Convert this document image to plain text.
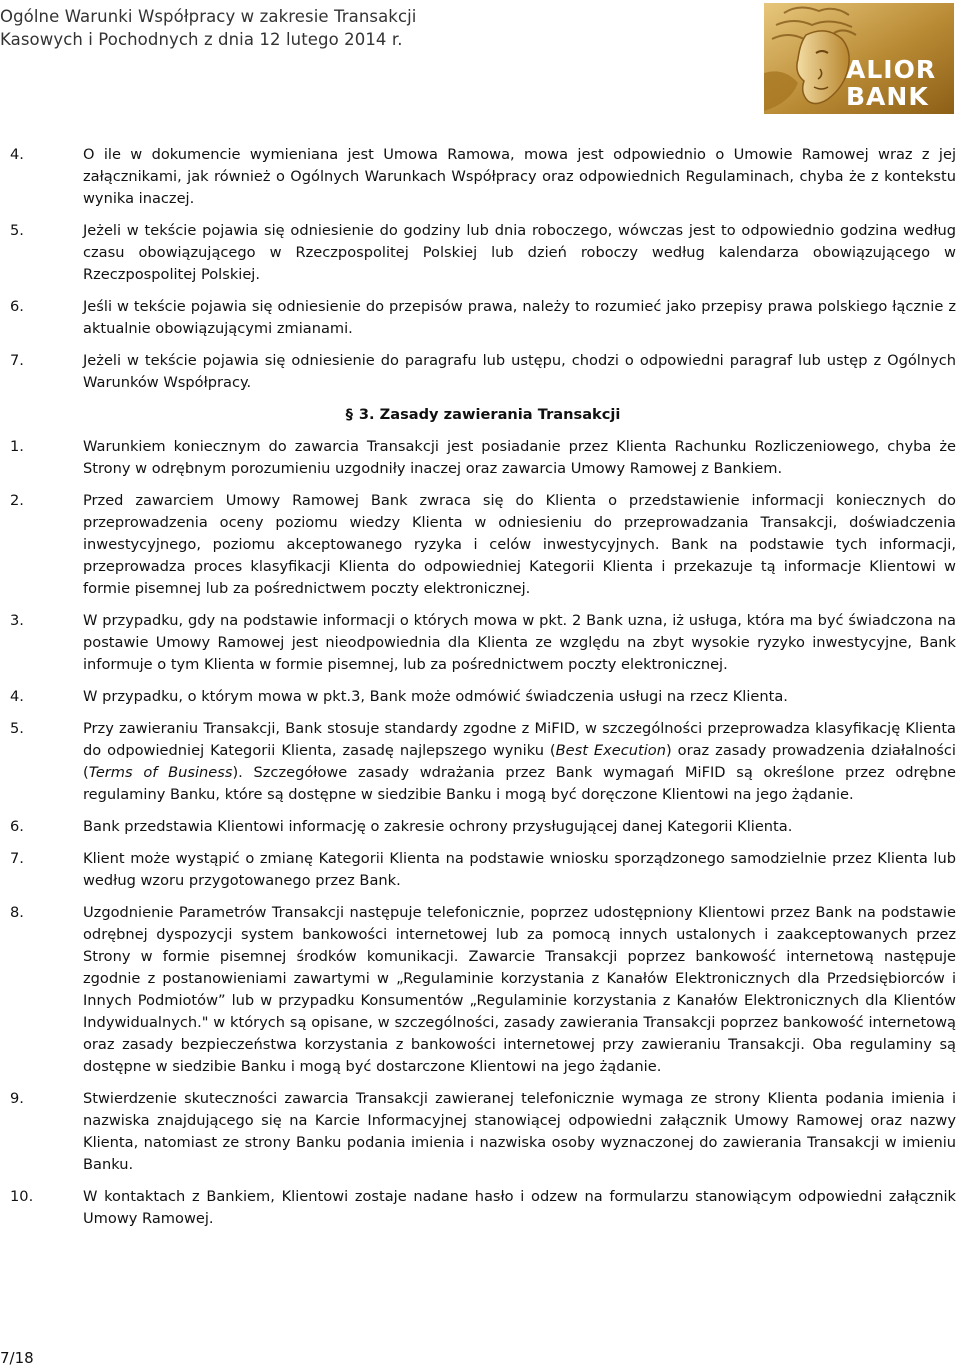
Ogólne Warunki Współpracy w zakresie Transakcji
Kasowych i Pochodnych z dnia 12 lutego 2014 r.
ALIOR
BANK
4.	O ile w dokumencie wymieniana jest Umowa Ramowa, mowa jest odpowiednio o Umowie Ramowej wraz z jej załącznikami, jak również o Ogólnych Warunkach Współpracy oraz odpowiednich Regulaminach, chyba że z kontekstu wynika inaczej.
5.	Jeżeli w tekście pojawia się odniesienie do godziny lub dnia roboczego, wówczas jest to odpowiednio godzina według czasu obowiązującego w Rzeczpospolitej Polskiej lub dzień roboczy według kalendarza obowiązującego w Rzeczpospolitej Polskiej.
6.	Jeśli w tekście pojawia się odniesienie do przepisów prawa, należy to rozumieć jako przepisy prawa polskiego łącznie z aktualnie obowiązującymi zmianami.
7.	Jeżeli w tekście pojawia się odniesienie do paragrafu lub ustępu, chodzi o odpowiedni paragraf lub ustęp z Ogólnych Warunków Współpracy.
§ 3. Zasady zawierania Transakcji
1.	Warunkiem koniecznym do zawarcia Transakcji jest posiadanie przez Klienta Rachunku Rozliczeniowego, chyba że Strony w odrębnym porozumieniu uzgodniły inaczej oraz zawarcia Umowy Ramowej z Bankiem.
2.	Przed zawarciem Umowy Ramowej Bank zwraca się do Klienta o przedstawienie informacji koniecznych do przeprowadzenia oceny poziomu wiedzy Klienta w odniesieniu do przeprowadzania Transakcji, doświadczenia inwestycyjnego, poziomu akceptowanego ryzyka i celów inwestycyjnych. Bank na podstawie tych informacji, przeprowadza proces klasyfikacji Klienta do odpowiedniej Kategorii Klienta i przekazuje tą informacje Klientowi w formie pisemnej lub za pośrednictwem poczty elektronicznej.
3.	W przypadku, gdy na podstawie informacji o których mowa w pkt. 2 Bank uzna, iż usługa, która ma być świadczona na postawie Umowy Ramowej jest nieodpowiednia dla Klienta ze względu na zbyt wysokie ryzyko inwestycyjne, Bank informuje o tym Klienta w formie pisemnej, lub za pośrednictwem poczty elektronicznej.
4.	W przypadku, o którym mowa w pkt.3, Bank może odmówić świadczenia usługi na rzecz Klienta.
5.	Przy zawieraniu Transakcji, Bank stosuje standardy zgodne z MiFID, w szczególności przeprowadza klasyfikację Klienta do odpowiedniej Kategorii Klienta, zasadę najlepszego wyniku (Best Execution) oraz zasady prowadzenia działalności (Terms of Business). Szczegółowe zasady wdrażania przez Bank wymagań MiFID są określone przez odrębne regulaminy Banku, które są dostępne w siedzibie Banku i mogą być doręczone Klientowi na jego żądanie.
6.	Bank przedstawia Klientowi informację o zakresie ochrony przysługującej danej Kategorii Klienta.
7.	Klient może wystąpić o zmianę Kategorii Klienta na podstawie wniosku sporządzonego samodzielnie przez Klienta lub według wzoru przygotowanego przez Bank.
8.	Uzgodnienie Parametrów Transakcji następuje telefonicznie, poprzez udostępniony Klientowi przez Bank na podstawie odrębnej dyspozycji system bankowości internetowej lub za pomocą innych ustalonych i zaakceptowanych przez Strony w formie pisemnej środków komunikacji. Zawarcie Transakcji poprzez bankowość internetową następuje zgodnie z postanowieniami zawartymi w „Regulaminie korzystania z Kanałów Elektronicznych dla Przedsiębiorców i Innych Podmiotów” lub w przypadku Konsumentów „Regulaminie korzystania z Kanałów Elektronicznych dla Klientów Indywidualnych." w których są opisane, w szczególności, zasady zawierania Transakcji poprzez bankowość internetową oraz zasady bezpieczeństwa korzystania z bankowości internetowej przy zawieraniu Transakcji. Oba regulaminy są dostępne w siedzibie Banku i mogą być dostarczone Klientowi na jego żądanie.
9.	Stwierdzenie skuteczności zawarcia Transakcji zawieranej telefonicznie wymaga ze strony Klienta podania imienia i nazwiska znajdującego się na Karcie Informacyjnej stanowiącej odpowiedni załącznik Umowy Ramowej oraz nazwy Klienta, natomiast ze strony Banku podania imienia i nazwiska osoby wyznaczonej do zawierania Transakcji w imieniu Banku.
10.	W kontaktach z Bankiem, Klientowi zostaje nadane hasło i odzew na formularzu stanowiącym odpowiedni załącznik Umowy Ramowej.
7/18
